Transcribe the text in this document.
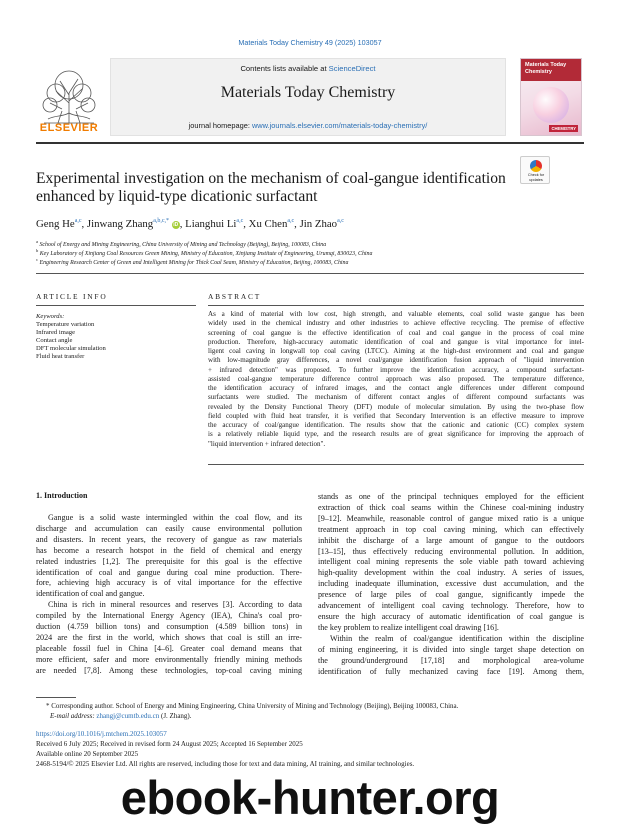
Materials Today Chemistry 49 (2025) 103057
ELSEVIER
Contents lists available at ScienceDirect
Materials Today Chemistry
journal homepage: www.journals.elsevier.com/materials-today-chemistry/
Materials Today Chemistry
CHEMISTRY
Experimental investigation on the mechanism of coal-gangue identification
enhanced by liquid-type dicationic surfactant
Check for updates
Geng He$^{a,c}$, Jinwang Zhang$^{a,b,c,*}$ iD , Lianghui Li$^{a,c}$, Xu Chen$^{a,c}$, Jin Zhao$^{a,c}$
$^a$ School of Energy and Mining Engineering, China University of Mining and Technology (Beijing), Beijing, 100083, China
$^b$ Key Laboratory of Xinjiang Coal Resources Green Mining, Ministry of Education, Xinjiang Institute of Engineering, Urumqi, 830023, China
$^c$ Engineering Research Center of Green and Intelligent Mining for Thick Coal Seam, Ministry of Education, Beijing, 100083, China
ARTICLE INFO	ABSTRACT
Keywords:
Temperature variation
Infrared image
Contact angle
DFT molecular simulation
Fluid heat transfer
As a kind of material with low cost, high strength, and valuable elements, coal solid waste gangue has been
widely used in the chemical industry and other industries to achieve effective recycling. The premise of effective
screening of coal gangue is the effective identification of coal and coal gangue in the process of coal mine
production. Therefore, high-accuracy automatic identification of coal and gangue is vital importance for intel-
ligent coal caving in longwall top coal caving (LTCC). Aiming at the high-dust environment and coal and gangue
with low-magnitude gray differences, a novel coal/gangue identification fusion approach of "liquid intervention
+ infrared detection" was proposed. To further improve the identification accuracy, a compound surfactant-
assisted coal-gangue temperature difference control approach was also proposed. The temperature difference,
the identification accuracy of infrared images, and the contact angle differences under different compound
surfactants were studied. The mechanism of different contact angles of different compound surfactants was
revealed by the Density Functional Theory (DFT) module of molecular simulation. By using the two-phase flow
field coupled with fluid heat transfer, it is verified that Secondary Intervention is an effective measure to improve
the accuracy of coal/gangue identification. The results show that the cationic and cationic (CC) complex system
is a relatively reliable liquid type, and the research results are of great significance for improving the approach of
"liquid intervention + infrared detection".
1. Introduction
Gangue is a solid waste intermingled within the coal flow, and its
discharge and accumulation can easily cause environmental pollution
and disasters. In recent years, the recovery of gangue as raw materials
has become a research hotspot in the field of chemical and energy
related industries [1,2]. The prerequisite for this goal is the effective
identification of coal and gangue during coal mine production. There-
fore, achieving high accuracy is of vital importance for the effective
identification of coal and gangue.
China is rich in mineral resources and reserves [3]. According to data
compiled by the International Energy Agency (IEA), China's coal pro-
duction (4.759 billion tons) and consumption (4.589 billion tons) in
2024 are the first in the world, which shows that coal is still an irre-
placeable fossil fuel in China [4–6]. Greater coal demand means that
more efficient, safer and more environmentally friendly mining methods
are needed [7,8]. Among these technologies, top-coal caving mining
stands as one of the principal techniques employed for the efficient
extraction of thick coal seams within the Chinese coal-mining industry
[9–12]. Meanwhile, reasonable control of gangue mixed ratio is a unique
treatment approach in top coal caving mining, which can effectively
inhibit the discharge of a large amount of gangue to the outdoors
[13–15], thus effectively reducing environmental pollution. In addition,
intelligent coal mining represents the sole viable path toward achieving
high-quality development within the coal industry. A series of issues,
including inadequate illumination, excessive dust accumulation, and the
presence of large piles of coal gangue, significantly impede the
advancement of intelligent coal caving technology. Therefore, how to
ensure the high accuracy of automatic identification of coal gangue is
the key problem to realize intelligent coal drawing [16].
Within the realm of coal/gangue identification within the discipline
of mining engineering, it is divided into single target shape detection on
the ground/underground [17,18] and morphological area-volume
identification of fully mechanized caving face [19]. Among them,
* Corresponding author. School of Energy and Mining Engineering, China University of Mining and Technology (Beijing), Beijing 100083, China.
E-mail address: zhangj@cumtb.edu.cn (J. Zhang).
https://doi.org/10.1016/j.mtchem.2025.103057
Received 6 July 2025; Received in revised form 24 August 2025; Accepted 16 September 2025
Available online 20 September 2025
2468-5194/© 2025 Elsevier Ltd. All rights are reserved, including those for text and data mining, AI training, and similar technologies.
ebook-hunter.org
